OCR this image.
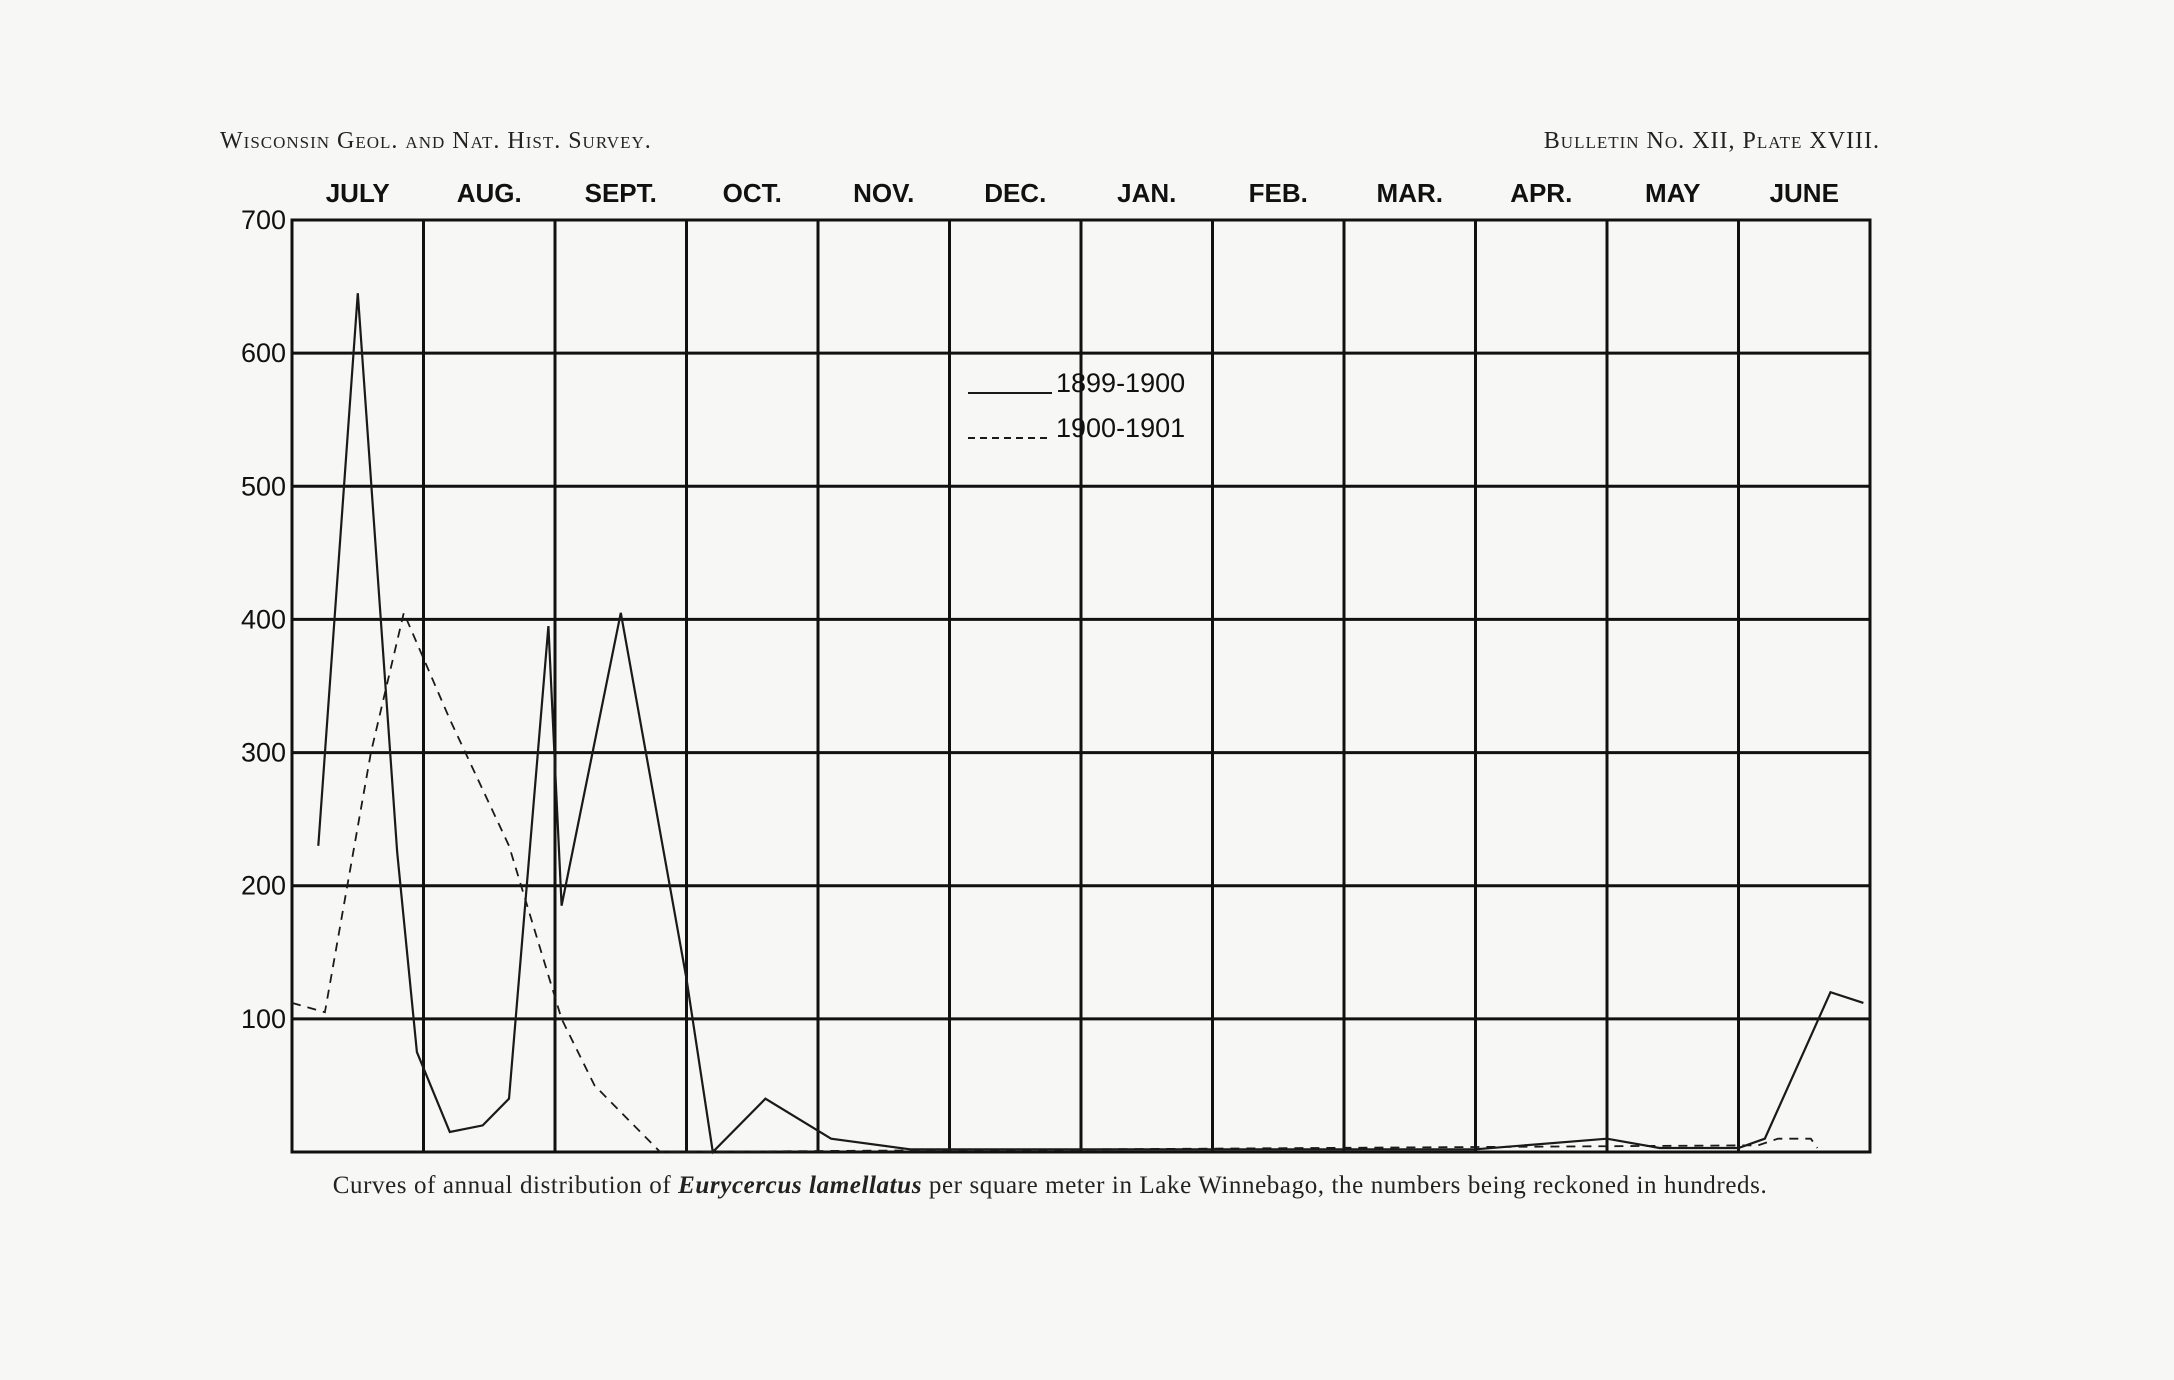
Wisconsin Geol. and Nat. Hist. Survey.	Bulletin No. XII, Plate XVIII.
JULY	AUG. SEPT.	OCT.	NOV.	DEC.	JAN.	FEB.	MAR.	APR.	MAY	JUNE
100
200
300
400
500
600
700
1899-1900
1900-1901
Curves of annual distribution of Eurycercus lamellatus per square meter in Lake Winnebago, the numbers being reckoned in hundreds.
